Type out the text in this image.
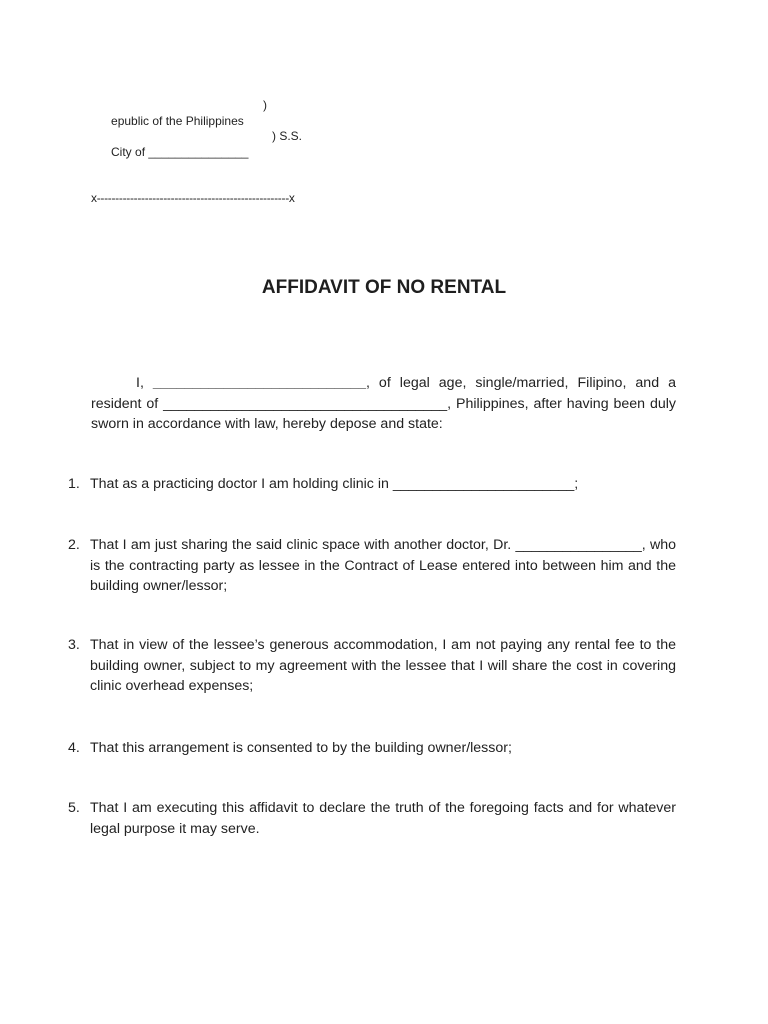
epublic of the Philippines

)

City of _______________

) S.S.

x----------------------------------------------------x
AFFIDAVIT OF NO RENTAL

I, ___________________________, of legal age, single/married, Filipino, and a resident of ____________________________________, Philippines, after having been duly sworn in accordance with law, hereby depose and state:

1. That as a practicing doctor I am holding clinic in _______________________;
2. That I am just sharing the said clinic space with another doctor, Dr. ________________, who is the contracting party as lessee in the Contract of Lease entered into between him and the building owner/lessor;
3. That in view of the lessee’s generous accommodation, I am not paying any rental fee to the building owner, subject to my agreement with the lessee that I will share the cost in covering clinic overhead expenses;
4. That this arrangement is consented to by the building owner/lessor;
5. That I am executing this affidavit to declare the truth of the foregoing facts and for whatever legal purpose it may serve.
